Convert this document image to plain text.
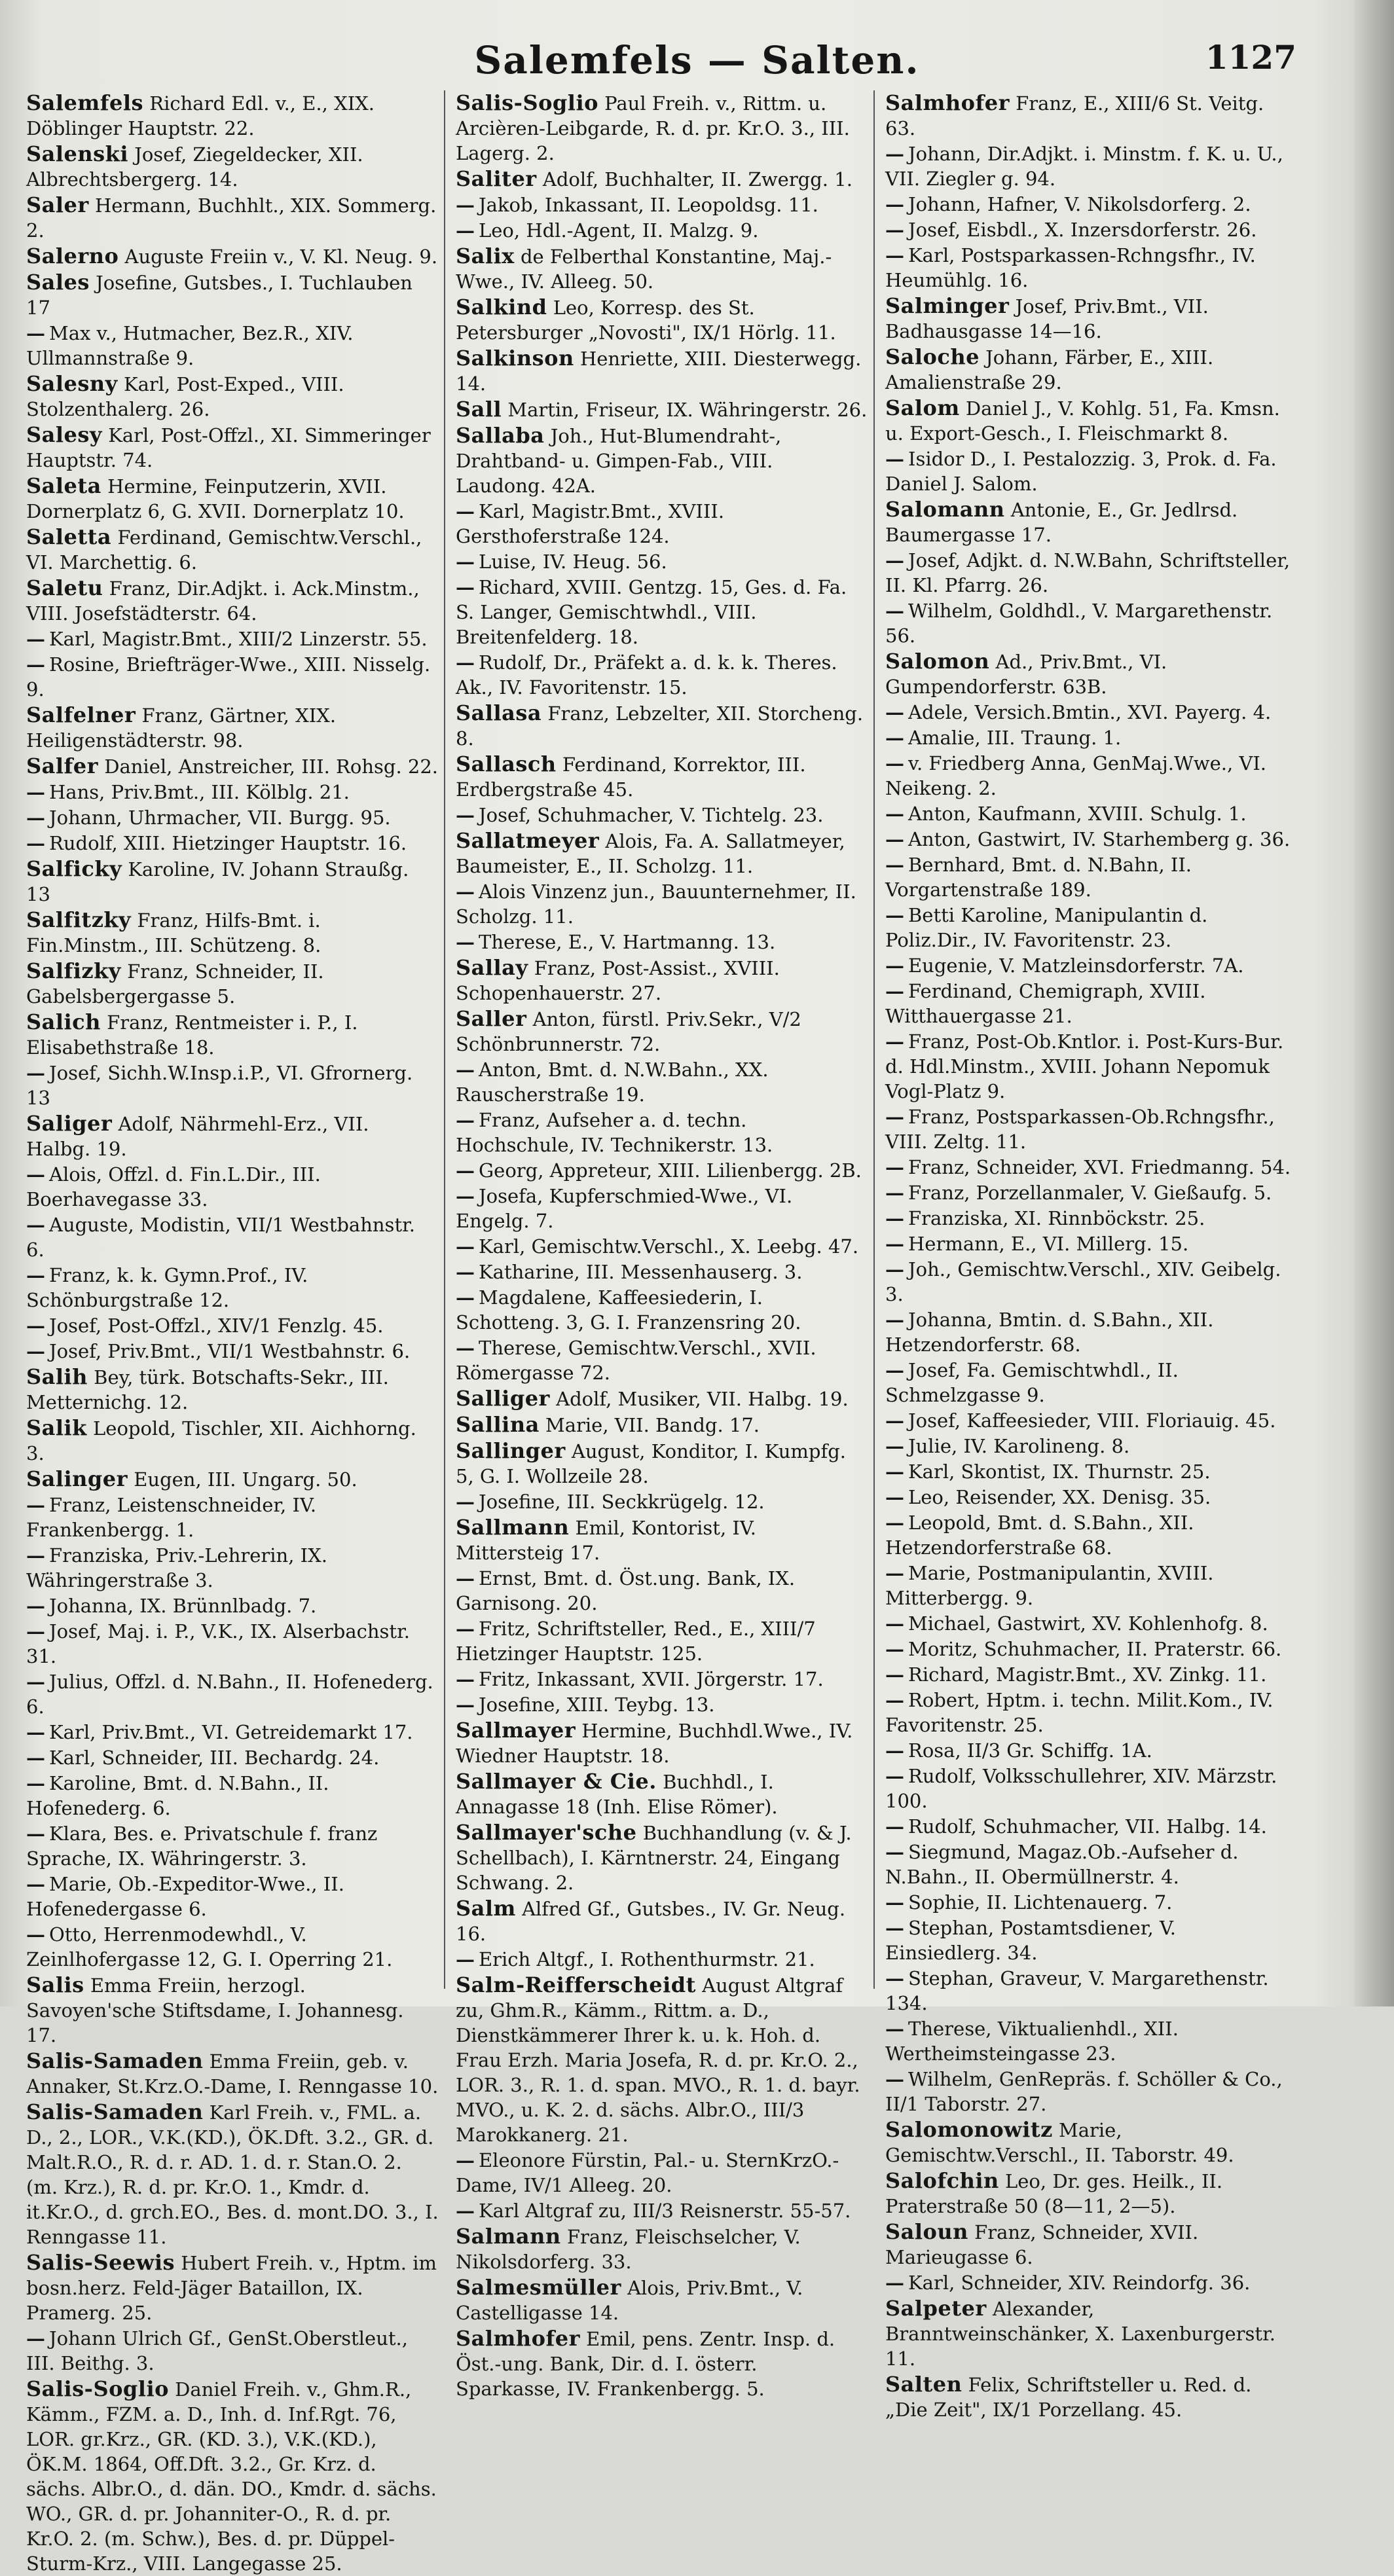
Salemfels — Salten.	1127
Salemfels Richard Edl. v., E., XIX. Döblinger Hauptstr. 22.
Salenski Josef, Ziegeldecker, XII. Albrechtsbergerg. 14.
Saler Hermann, Buchhlt., XIX. Sommerg. 2.
Salerno Auguste Freiin v., V. Kl. Neug. 9.
Sales Josefine, Gutsbes., I. Tuchlauben 17
— Max v., Hutmacher, Bez.R., XIV. Ullmannstraße 9.
Salesny Karl, Post-Exped., VIII. Stolzenthalerg. 26.
Salesy Karl, Post-Offzl., XI. Simmeringer Hauptstr. 74.
Saleta Hermine, Feinputzerin, XVII. Dornerplatz 6, G. XVII. Dornerplatz 10.
Saletta Ferdinand, Gemischtw.Verschl., VI. Marchettig. 6.
Saletu Franz, Dir.Adjkt. i. Ack.Minstm., VIII. Josefstädterstr. 64.
— Karl, Magistr.Bmt., XIII/2 Linzerstr. 55.
— Rosine, Briefträger-Wwe., XIII. Nisselg. 9.
Salfelner Franz, Gärtner, XIX. Heiligenstädterstr. 98.
Salfer Daniel, Anstreicher, III. Rohsg. 22.
— Hans, Priv.Bmt., III. Kölblg. 21.
— Johann, Uhrmacher, VII. Burgg. 95.
— Rudolf, XIII. Hietzinger Hauptstr. 16.
Salficky Karoline, IV. Johann Straußg. 13
Salfitzky Franz, Hilfs-Bmt. i. Fin.Minstm., III. Schützeng. 8.
Salfizky Franz, Schneider, II. Gabelsbergergasse 5.
Salich Franz, Rentmeister i. P., I. Elisabethstraße 18.
— Josef, Sichh.W.Insp.i.P., VI. Gfrornerg. 13
Saliger Adolf, Nährmehl-Erz., VII. Halbg. 19.
— Alois, Offzl. d. Fin.L.Dir., III. Boerhavegasse 33.
— Auguste, Modistin, VII/1 Westbahnstr. 6.
— Franz, k. k. Gymn.Prof., IV. Schönburgstraße 12.
— Josef, Post-Offzl., XIV/1 Fenzlg. 45.
— Josef, Priv.Bmt., VII/1 Westbahnstr. 6.
Salih Bey, türk. Botschafts-Sekr., III. Metternichg. 12.
Salik Leopold, Tischler, XII. Aichhorng. 3.
Salinger Eugen, III. Ungarg. 50.
— Franz, Leistenschneider, IV. Frankenbergg. 1.
— Franziska, Priv.-Lehrerin, IX. Währingerstraße 3.
— Johanna, IX. Brünnlbadg. 7.
— Josef, Maj. i. P., V.K., IX. Alserbachstr. 31.
— Julius, Offzl. d. N.Bahn., II. Hofenederg. 6.
— Karl, Priv.Bmt., VI. Getreidemarkt 17.
— Karl, Schneider, III. Bechardg. 24.
— Karoline, Bmt. d. N.Bahn., II. Hofenederg. 6.
— Klara, Bes. e. Privatschule f. franz Sprache, IX. Währingerstr. 3.
— Marie, Ob.-Expeditor-Wwe., II. Hofenedergasse 6.
— Otto, Herrenmodewhdl., V. Zeinlhofergasse 12, G. I. Operring 21.
Salis Emma Freiin, herzogl. Savoyen'sche Stiftsdame, I. Johannesg. 17.
Salis-Samaden Emma Freiin, geb. v. Annaker, St.Krz.O.-Dame, I. Renngasse 10.
Salis-Samaden Karl Freih. v., FML. a. D., 2., LOR., V.K.(KD.), ÖK.Dft. 3.2., GR. d. Malt.R.O., R. d. r. AD. 1. d. r. Stan.O. 2. (m. Krz.), R. d. pr. Kr.O. 1., Kmdr. d. it.Kr.O., d. grch.EO., Bes. d. mont.DO. 3., I. Renngasse 11.
Salis-Seewis Hubert Freih. v., Hptm. im bosn.herz. Feld-Jäger Bataillon, IX. Pramerg. 25.
— Johann Ulrich Gf., GenSt.Oberstleut., III. Beithg. 3.
Salis-Soglio Daniel Freih. v., Ghm.R., Kämm., FZM. a. D., Inh. d. Inf.Rgt. 76, LOR. gr.Krz., GR. (KD. 3.), V.K.(KD.), ÖK.M. 1864, Off.Dft. 3.2., Gr. Krz. d. sächs. Albr.O., d. dän. DO., Kmdr. d. sächs. WO., GR. d. pr. Johanniter-O., R. d. pr. Kr.O. 2. (m. Schw.), Bes. d. pr. Düppel-Sturm-Krz., VIII. Langegasse 25.
Salis-Soglio Paul Freih. v., Rittm. u. Arcièren-Leibgarde, R. d. pr. Kr.O. 3., III. Lagerg. 2.
Saliter Adolf, Buchhalter, II. Zwergg. 1.
— Jakob, Inkassant, II. Leopoldsg. 11.
— Leo, Hdl.-Agent, II. Malzg. 9.
Salix de Felberthal Konstantine, Maj.-Wwe., IV. Alleeg. 50.
Salkind Leo, Korresp. des St. Petersburger „Novosti", IX/1 Hörlg. 11.
Salkinson Henriette, XIII. Diesterwegg. 14.
Sall Martin, Friseur, IX. Währingerstr. 26.
Sallaba Joh., Hut-Blumendraht-, Drahtband- u. Gimpen-Fab., VIII. Laudong. 42A.
— Karl, Magistr.Bmt., XVIII. Gersthoferstraße 124.
— Luise, IV. Heug. 56.
— Richard, XVIII. Gentzg. 15, Ges. d. Fa. S. Langer, Gemischtwhdl., VIII. Breitenfelderg. 18.
— Rudolf, Dr., Präfekt a. d. k. k. Theres. Ak., IV. Favoritenstr. 15.
Sallasa Franz, Lebzelter, XII. Storcheng. 8.
Sallasch Ferdinand, Korrektor, III. Erdbergstraße 45.
— Josef, Schuhmacher, V. Tichtelg. 23.
Sallatmeyer Alois, Fa. A. Sallatmeyer, Baumeister, E., II. Scholzg. 11.
— Alois Vinzenz jun., Bauunternehmer, II. Scholzg. 11.
— Therese, E., V. Hartmanng. 13.
Sallay Franz, Post-Assist., XVIII. Schopenhauerstr. 27.
Saller Anton, fürstl. Priv.Sekr., V/2 Schönbrunnerstr. 72.
— Anton, Bmt. d. N.W.Bahn., XX. Rauscherstraße 19.
— Franz, Aufseher a. d. techn. Hochschule, IV. Technikerstr. 13.
— Georg, Appreteur, XIII. Lilienbergg. 2B.
— Josefa, Kupferschmied-Wwe., VI. Engelg. 7.
— Karl, Gemischtw.Verschl., X. Leebg. 47.
— Katharine, III. Messenhauserg. 3.
— Magdalene, Kaffeesiederin, I. Schotteng. 3, G. I. Franzensring 20.
— Therese, Gemischtw.Verschl., XVII. Römergasse 72.
Salliger Adolf, Musiker, VII. Halbg. 19.
Sallina Marie, VII. Bandg. 17.
Sallinger August, Konditor, I. Kumpfg. 5, G. I. Wollzeile 28.
— Josefine, III. Seckkrügelg. 12.
Sallmann Emil, Kontorist, IV. Mittersteig 17.
— Ernst, Bmt. d. Öst.ung. Bank, IX. Garnisong. 20.
— Fritz, Schriftsteller, Red., E., XIII/7 Hietzinger Hauptstr. 125.
— Fritz, Inkassant, XVII. Jörgerstr. 17.
— Josefine, XIII. Teybg. 13.
Sallmayer Hermine, Buchhdl.Wwe., IV. Wiedner Hauptstr. 18.
Sallmayer & Cie. Buchhdl., I. Annagasse 18 (Inh. Elise Römer).
Sallmayer'sche Buchhandlung (v. & J. Schellbach), I. Kärntnerstr. 24, Eingang Schwang. 2.
Salm Alfred Gf., Gutsbes., IV. Gr. Neug. 16.
— Erich Altgf., I. Rothenthurmstr. 21.
Salm-Reifferscheidt August Altgraf zu, Ghm.R., Kämm., Rittm. a. D., Dienstkämmerer Ihrer k. u. k. Hoh. d. Frau Erzh. Maria Josefa, R. d. pr. Kr.O. 2., LOR. 3., R. 1. d. span. MVO., R. 1. d. bayr. MVO., u. K. 2. d. sächs. Albr.O., III/3 Marokkanerg. 21.
— Eleonore Fürstin, Pal.- u. SternKrzO.-Dame, IV/1 Alleeg. 20.
— Karl Altgraf zu, III/3 Reisnerstr. 55-57.
Salmann Franz, Fleischselcher, V. Nikolsdorferg. 33.
Salmesmüller Alois, Priv.Bmt., V. Castelligasse 14.
Salmhofer Emil, pens. Zentr. Insp. d. Öst.-ung. Bank, Dir. d. I. österr. Sparkasse, IV. Frankenbergg. 5.
Salmhofer Franz, E., XIII/6 St. Veitg. 63.
— Johann, Dir.Adjkt. i. Minstm. f. K. u. U., VII. Ziegler g. 94.
— Johann, Hafner, V. Nikolsdorferg. 2.
— Josef, Eisbdl., X. Inzersdorferstr. 26.
— Karl, Postsparkassen-Rchngsfhr., IV. Heumühlg. 16.
Salminger Josef, Priv.Bmt., VII. Badhausgasse 14—16.
Saloche Johann, Färber, E., XIII. Amalienstraße 29.
Salom Daniel J., V. Kohlg. 51, Fa. Kmsn. u. Export-Gesch., I. Fleischmarkt 8.
— Isidor D., I. Pestalozzig. 3, Prok. d. Fa. Daniel J. Salom.
Salomann Antonie, E., Gr. Jedlrsd. Baumergasse 17.
— Josef, Adjkt. d. N.W.Bahn, Schriftsteller, II. Kl. Pfarrg. 26.
— Wilhelm, Goldhdl., V. Margarethenstr. 56.
Salomon Ad., Priv.Bmt., VI. Gumpendorferstr. 63B.
— Adele, Versich.Bmtin., XVI. Payerg. 4.
— Amalie, III. Traung. 1.
— v. Friedberg Anna, GenMaj.Wwe., VI. Neikeng. 2.
— Anton, Kaufmann, XVIII. Schulg. 1.
— Anton, Gastwirt, IV. Starhemberg g. 36.
— Bernhard, Bmt. d. N.Bahn, II. Vorgartenstraße 189.
— Betti Karoline, Manipulantin d. Poliz.Dir., IV. Favoritenstr. 23.
— Eugenie, V. Matzleinsdorferstr. 7A.
— Ferdinand, Chemigraph, XVIII. Witthauergasse 21.
— Franz, Post-Ob.Kntlor. i. Post-Kurs-Bur. d. Hdl.Minstm., XVIII. Johann Nepomuk Vogl-Platz 9.
— Franz, Postsparkassen-Ob.Rchngsfhr., VIII. Zeltg. 11.
— Franz, Schneider, XVI. Friedmanng. 54.
— Franz, Porzellanmaler, V. Gießaufg. 5.
— Franziska, XI. Rinnböckstr. 25.
— Hermann, E., VI. Millerg. 15.
— Joh., Gemischtw.Verschl., XIV. Geibelg. 3.
— Johanna, Bmtin. d. S.Bahn., XII. Hetzendorferstr. 68.
— Josef, Fa. Gemischtwhdl., II. Schmelzgasse 9.
— Josef, Kaffeesieder, VIII. Floriauig. 45.
— Julie, IV. Karolineng. 8.
— Karl, Skontist, IX. Thurnstr. 25.
— Leo, Reisender, XX. Denisg. 35.
— Leopold, Bmt. d. S.Bahn., XII. Hetzendorferstraße 68.
— Marie, Postmanipulantin, XVIII. Mitterbergg. 9.
— Michael, Gastwirt, XV. Kohlenhofg. 8.
— Moritz, Schuhmacher, II. Praterstr. 66.
— Richard, Magistr.Bmt., XV. Zinkg. 11.
— Robert, Hptm. i. techn. Milit.Kom., IV. Favoritenstr. 25.
— Rosa, II/3 Gr. Schiffg. 1A.
— Rudolf, Volksschullehrer, XIV. Märzstr. 100.
— Rudolf, Schuhmacher, VII. Halbg. 14.
— Siegmund, Magaz.Ob.-Aufseher d. N.Bahn., II. Obermüllnerstr. 4.
— Sophie, II. Lichtenauerg. 7.
— Stephan, Postamtsdiener, V. Einsiedlerg. 34.
— Stephan, Graveur, V. Margarethenstr. 134.
— Therese, Viktualienhdl., XII. Wertheimsteingasse 23.
— Wilhelm, GenRepräs. f. Schöller & Co., II/1 Taborstr. 27.
Salomonowitz Marie, Gemischtw.Verschl., II. Taborstr. 49.
Salofchin Leo, Dr. ges. Heilk., II. Praterstraße 50 (8—11, 2—5).
Saloun Franz, Schneider, XVII. Marieugasse 6.
— Karl, Schneider, XIV. Reindorfg. 36.
Salpeter Alexander, Branntweinschänker, X. Laxenburgerstr. 11.
Salten Felix, Schriftsteller u. Red. d. „Die Zeit", IX/1 Porzellang. 45.
